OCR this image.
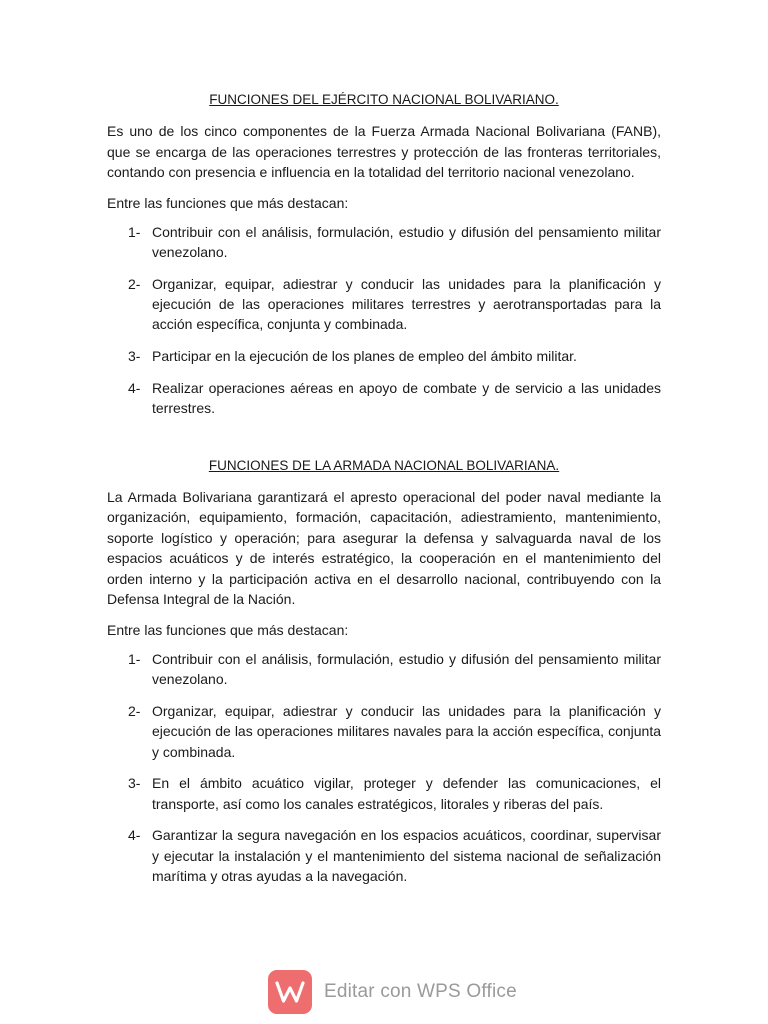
FUNCIONES DEL EJÉRCITO NACIONAL BOLIVARIANO.
Es uno de los cinco componentes de la Fuerza Armada Nacional Bolivariana (FANB), que se encarga de las operaciones terrestres y protección de las fronteras territoriales, contando con presencia e influencia en la totalidad del territorio nacional venezolano.
Entre las funciones que más destacan:
1- Contribuir con el análisis, formulación, estudio y difusión del pensamiento militar venezolano.
2- Organizar, equipar, adiestrar y conducir las unidades para la planificación y ejecución de las operaciones militares terrestres y aerotransportadas para la acción específica, conjunta y combinada.
3- Participar en la ejecución de los planes de empleo del ámbito militar.
4- Realizar operaciones aéreas en apoyo de combate y de servicio a las unidades terrestres.
FUNCIONES DE LA ARMADA NACIONAL BOLIVARIANA.
La Armada Bolivariana garantizará el apresto operacional del poder naval mediante la organización, equipamiento, formación, capacitación, adiestramiento, mantenimiento, soporte logístico y operación; para asegurar la defensa y salvaguarda naval de los espacios acuáticos y de interés estratégico, la cooperación en el mantenimiento del orden interno y la participación activa en el desarrollo nacional, contribuyendo con la Defensa Integral de la Nación.
Entre las funciones que más destacan:
1- Contribuir con el análisis, formulación, estudio y difusión del pensamiento militar venezolano.
2- Organizar, equipar, adiestrar y conducir las unidades para la planificación y ejecución de las operaciones militares navales para la acción específica, conjunta y combinada.
3- En el ámbito acuático vigilar, proteger y defender las comunicaciones, el transporte, así como los canales estratégicos, litorales y riberas del país.
4- Garantizar la segura navegación en los espacios acuáticos, coordinar, supervisar y ejecutar la instalación y el mantenimiento del sistema nacional de señalización marítima y otras ayudas a la navegación.
Editar con WPS Office
